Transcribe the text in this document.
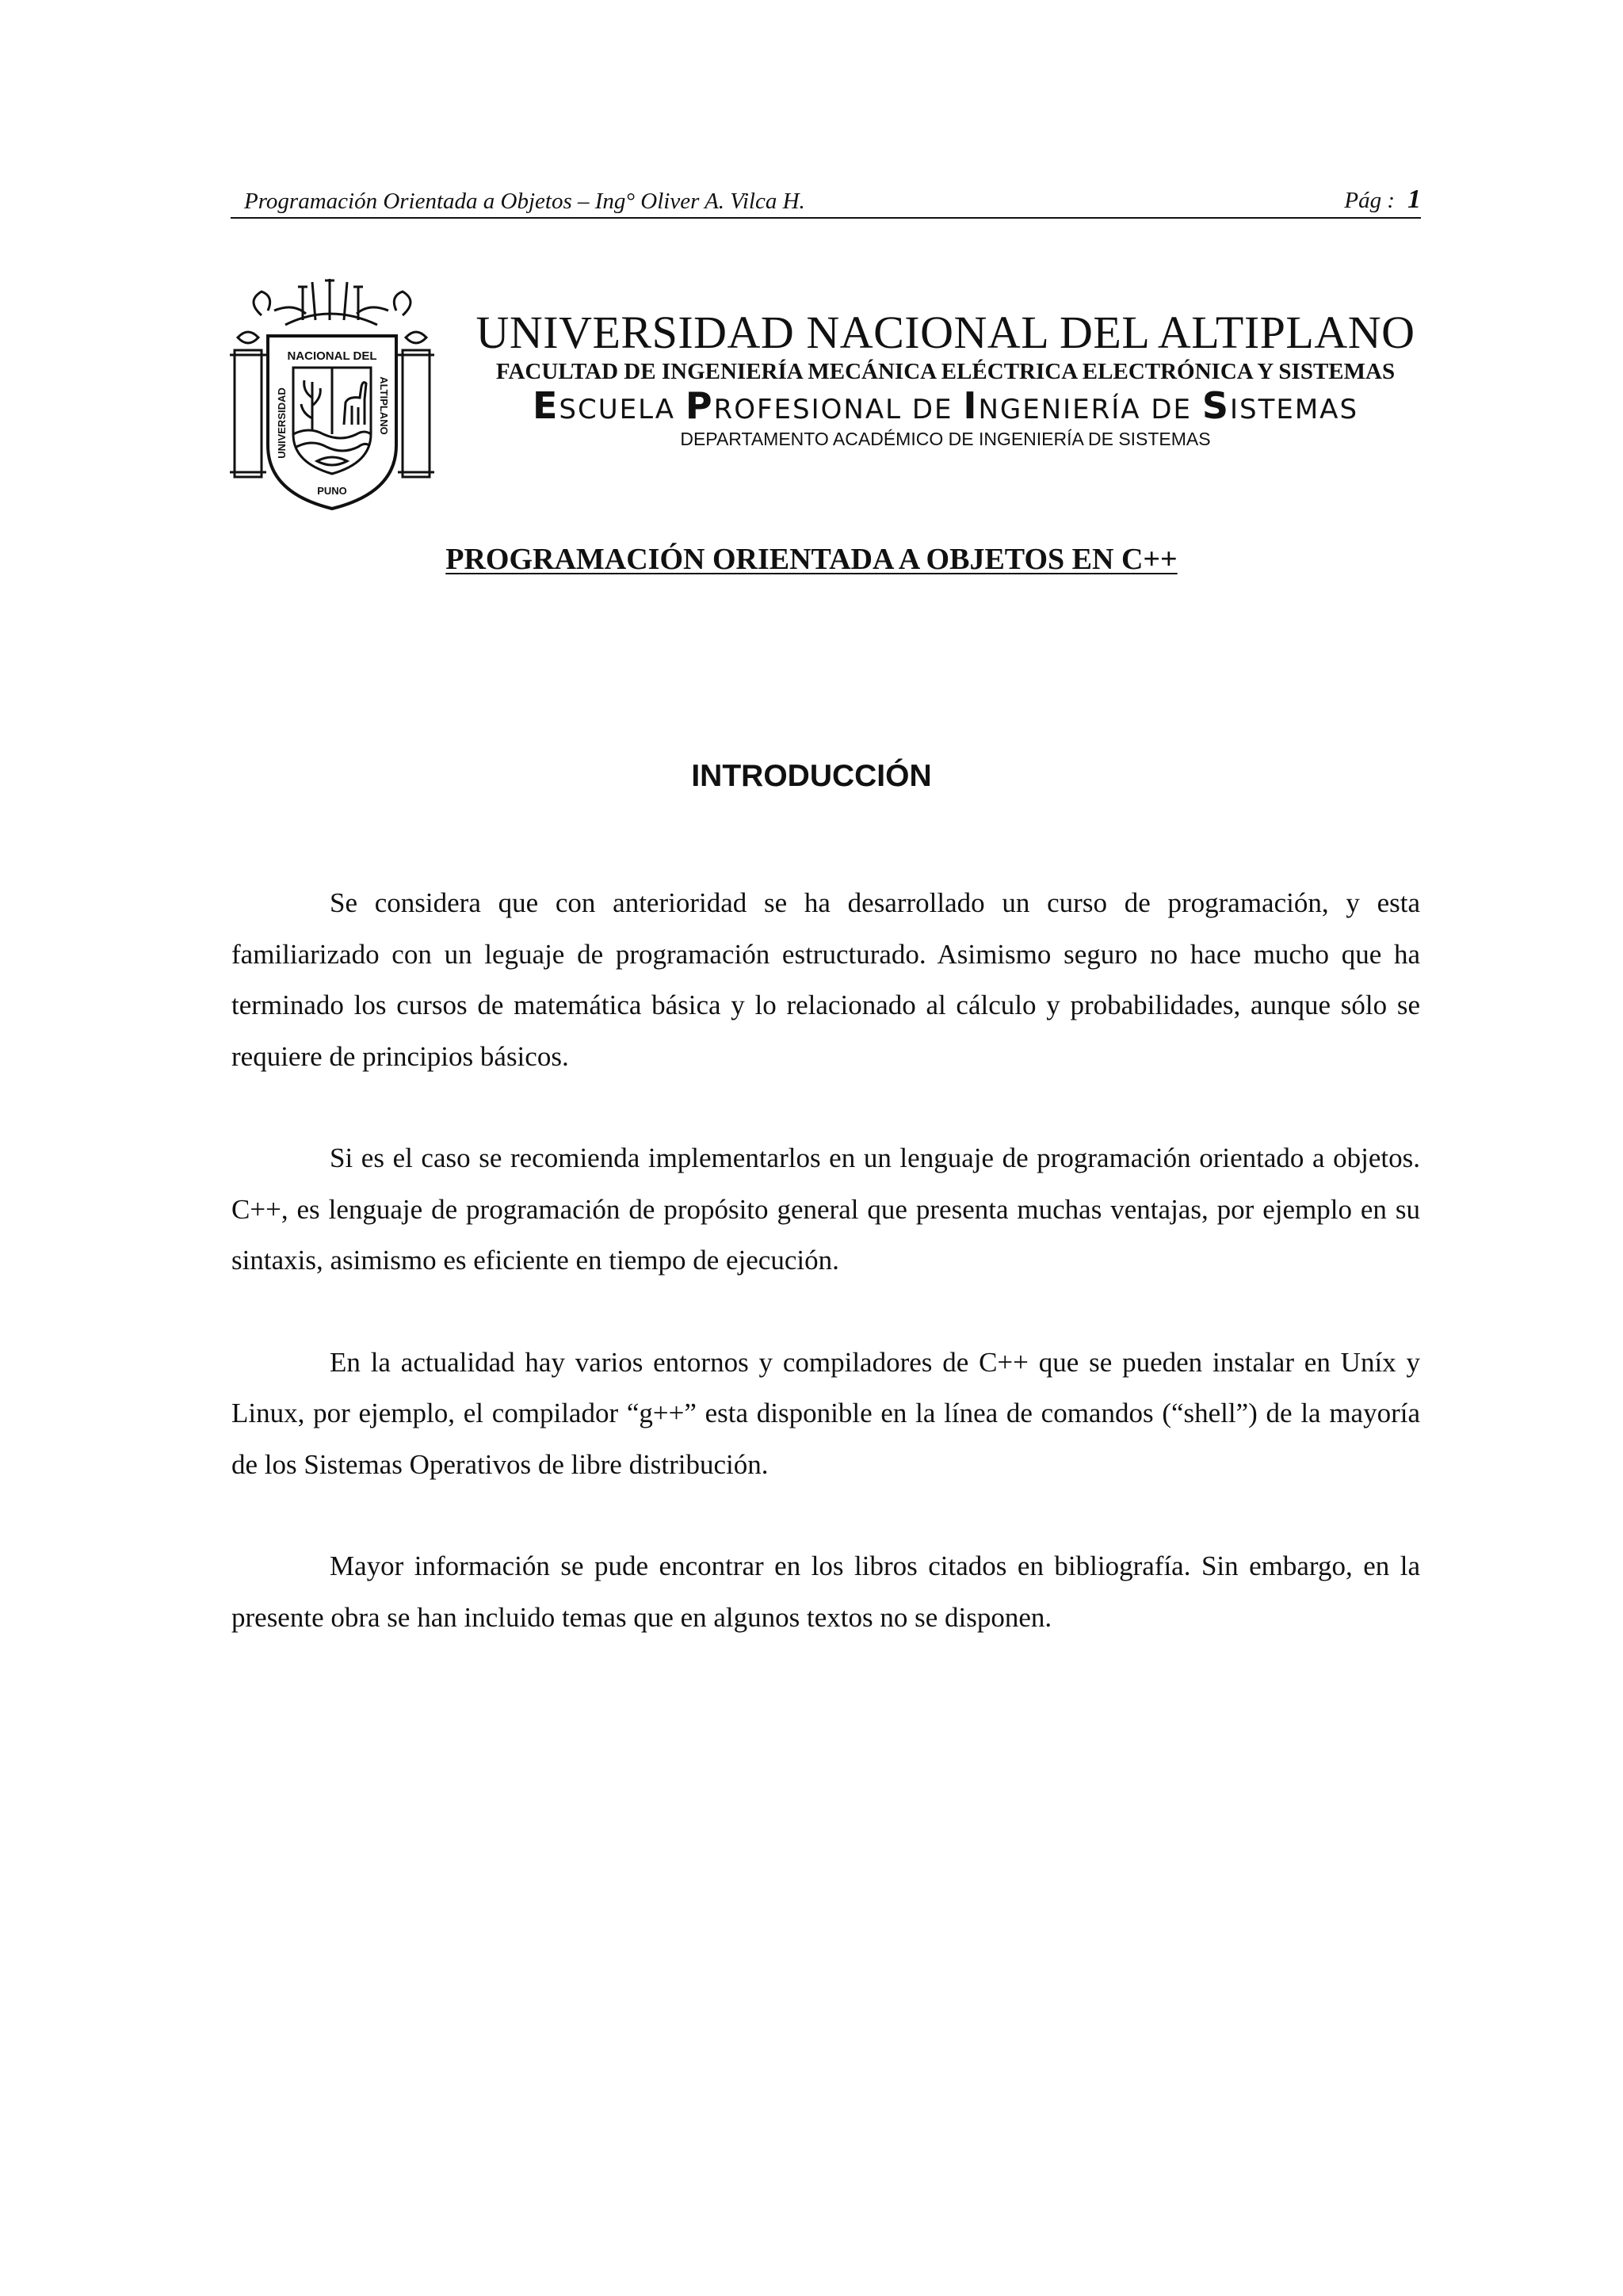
Programación Orientada a Objetos – Ing° Oliver A. Vilca H.	Pág : 1
NACIONAL DEL
UNIVERSIDAD	ALTIPLANO
PUNO
UNIVERSIDAD NACIONAL DEL ALTIPLANO
FACULTAD DE INGENIERÍA MECÁNICA ELÉCTRICA ELECTRÓNICA Y SISTEMAS
ESCUELA PROFESIONAL DE INGENIERÍA DE SISTEMAS
DEPARTAMENTO ACADÉMICO DE INGENIERÍA DE SISTEMAS
PROGRAMACIÓN ORIENTADA A OBJETOS EN C++
INTRODUCCIÓN

Se considera que con anterioridad se ha desarrollado un curso de programación, y esta familiarizado con un leguaje de programación estructurado. Asimismo seguro no hace mucho que ha terminado los cursos de matemática básica y lo relacionado al cálculo y probabilidades, aunque sólo se requiere de principios básicos.

Si es el caso se recomienda implementarlos en un lenguaje de programación orientado a objetos. C++, es lenguaje de programación de propósito general que presenta muchas ventajas, por ejemplo en su sintaxis, asimismo es eficiente en tiempo de ejecución.

En la actualidad hay varios entornos y compiladores de C++ que se pueden instalar en Uníx y Linux, por ejemplo, el compilador “g++” esta disponible en la línea de comandos (“shell”) de la mayoría de los Sistemas Operativos de libre distribución.

Mayor información se pude encontrar en los libros citados en bibliografía. Sin embargo, en la presente obra se han incluido temas que en algunos textos no se disponen.
